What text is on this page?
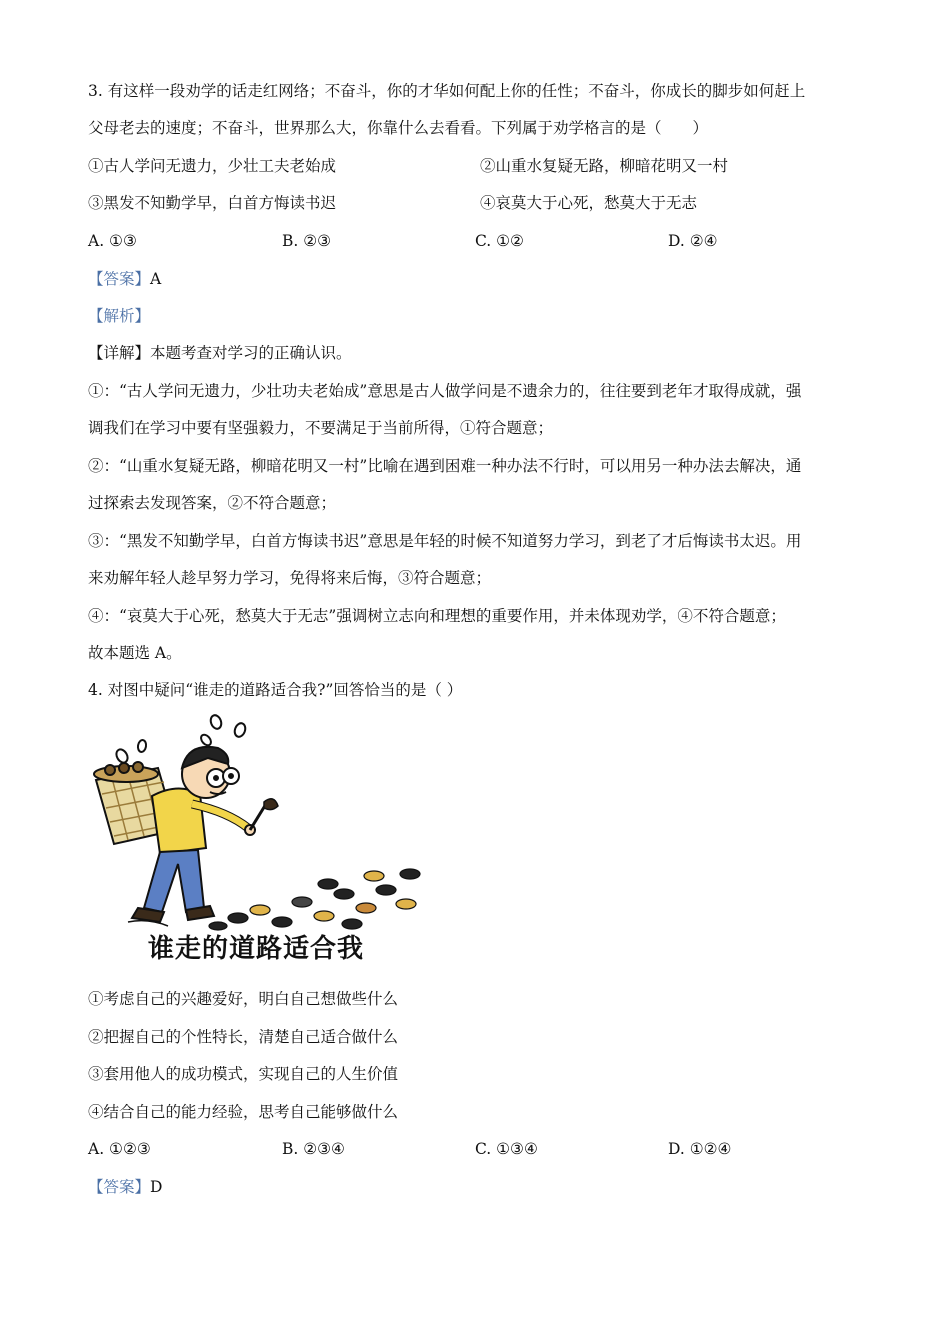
3. 有这样一段劝学的话走红网络；不奋斗，你的才华如何配上你的任性；不奋斗，你成长的脚步如何赶上
父母老去的速度；不奋斗，世界那么大，你靠什么去看看。下列属于劝学格言的是（　　）
①古人学问无遗力，少壮工夫老始成	②山重水复疑无路，柳暗花明又一村
③黑发不知勤学早，白首方悔读书迟	④哀莫大于心死，愁莫大于无志
A. ①③	B. ②③	C. ①②	D. ②④
【答案】A
【解析】
【详解】本题考查对学习的正确认识。
①：“古人学问无遗力，少壮功夫老始成”意思是古人做学问是不遗余力的，往往要到老年才取得成就，强
调我们在学习中要有坚强毅力，不要满足于当前所得，①符合题意；
②：“山重水复疑无路，柳暗花明又一村”比喻在遇到困难一种办法不行时，可以用另一种办法去解决，通
过探索去发现答案，②不符合题意；
③：“黑发不知勤学早，白首方悔读书迟”意思是年轻的时候不知道努力学习，到老了才后悔读书太迟。用
来劝解年轻人趁早努力学习，免得将来后悔，③符合题意；
④：“哀莫大于心死，愁莫大于无志”强调树立志向和理想的重要作用，并未体现劝学，④不符合题意；
故本题选 A。
4. 对图中疑问“谁走的道路适合我?”回答恰当的是（ ）
谁走的道路适合我
①考虑自己的兴趣爱好，明白自己想做些什么
②把握自己的个性特长，清楚自己适合做什么
③套用他人的成功模式，实现自己的人生价值
④结合自己的能力经验，思考自己能够做什么
A. ①②③	B. ②③④	C. ①③④	D. ①②④
【答案】D
